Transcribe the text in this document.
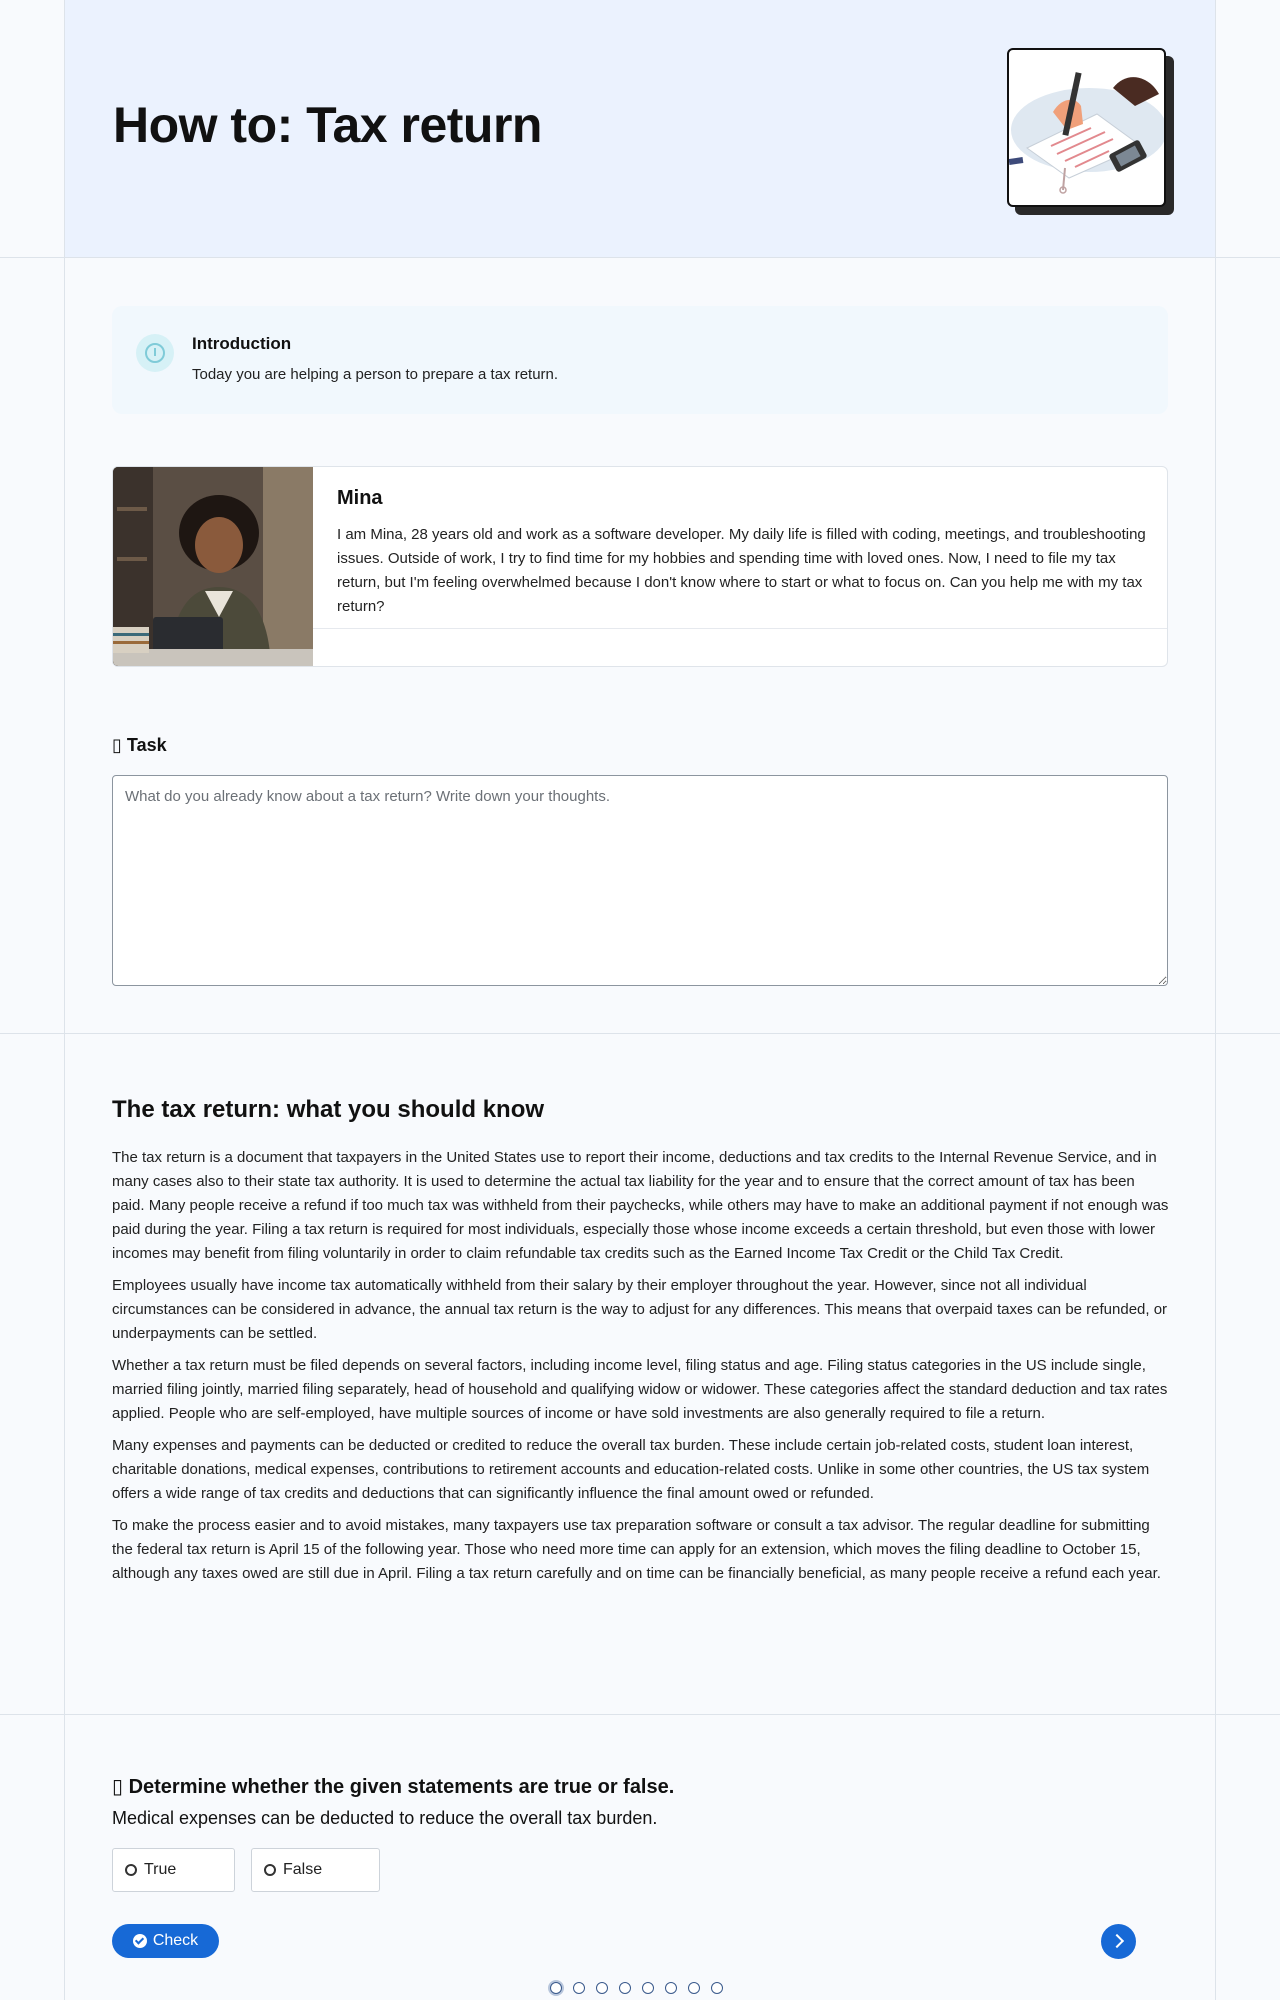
How to: Tax return
Introduction
Today you are helping a person to prepare a tax return.
Mina
I am Mina, 28 years old and work as a software developer. My daily life is filled with coding, meetings, and troubleshooting issues. Outside of work, I try to find time for my hobbies and spending time with loved ones. Now, I need to file my tax return, but I'm feeling overwhelmed because I don't know where to start or what to focus on. Can you help me with my tax return?
▯ Task
What do you already know about a tax return? Write down your thoughts.
The tax return: what you should know

The tax return is a document that taxpayers in the United States use to report their income, deductions and tax credits to the Internal Revenue Service, and in many cases also to their state tax authority. It is used to determine the actual tax liability for the year and to ensure that the correct amount of tax has been paid. Many people receive a refund if too much tax was withheld from their paychecks, while others may have to make an additional payment if not enough was paid during the year. Filing a tax return is required for most individuals, especially those whose income exceeds a certain threshold, but even those with lower incomes may benefit from filing voluntarily in order to claim refundable tax credits such as the Earned Income Tax Credit or the Child Tax Credit.

Employees usually have income tax automatically withheld from their salary by their employer throughout the year. However, since not all individual circumstances can be considered in advance, the annual tax return is the way to adjust for any differences. This means that overpaid taxes can be refunded, or underpayments can be settled.

Whether a tax return must be filed depends on several factors, including income level, filing status and age. Filing status categories in the US include single, married filing jointly, married filing separately, head of household and qualifying widow or widower. These categories affect the standard deduction and tax rates applied. People who are self-employed, have multiple sources of income or have sold investments are also generally required to file a return.

Many expenses and payments can be deducted or credited to reduce the overall tax burden. These include certain job-related costs, student loan interest, charitable donations, medical expenses, contributions to retirement accounts and education-related costs. Unlike in some other countries, the US tax system offers a wide range of tax credits and deductions that can significantly influence the final amount owed or refunded.

To make the process easier and to avoid mistakes, many taxpayers use tax preparation software or consult a tax advisor. The regular deadline for submitting the federal tax return is April 15 of the following year. Those who need more time can apply for an extension, which moves the filing deadline to October 15, although any taxes owed are still due in April. Filing a tax return carefully and on time can be financially beneficial, as many people receive a refund each year.

▯ Determine whether the given statements are true or false.
Medical expenses can be deducted to reduce the overall tax burden.
True	False
Check
